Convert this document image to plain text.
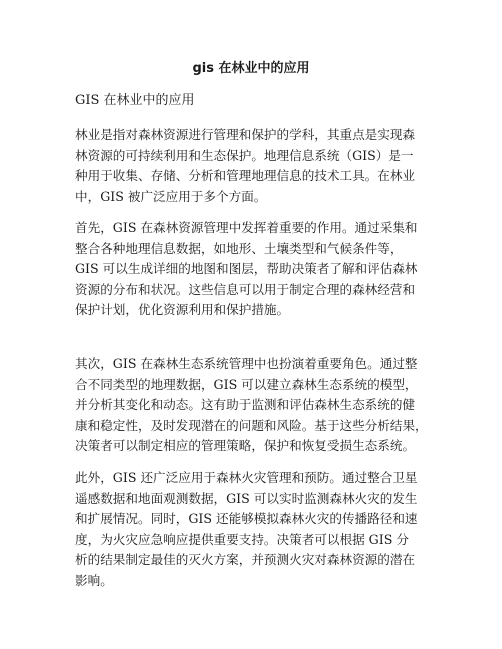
gis 在林业中的应用

GIS 在林业中的应用

林业是指对森林资源进行管理和保护的学科，其重点是实现森
林资源的可持续利用和生态保护。地理信息系统（GIS）是一
种用于收集、存储、分析和管理地理信息的技术工具。在林业
中，GIS 被广泛应用于多个方面。

首先，GIS 在森林资源管理中发挥着重要的作用。通过采集和
整合各种地理信息数据，如地形、土壤类型和气候条件等，
GIS 可以生成详细的地图和图层，帮助决策者了解和评估森林
资源的分布和状况。这些信息可以用于制定合理的森林经营和
保护计划，优化资源利用和保护措施。

其次，GIS 在森林生态系统管理中也扮演着重要角色。通过整
合不同类型的地理数据，GIS 可以建立森林生态系统的模型，
并分析其变化和动态。这有助于监测和评估森林生态系统的健
康和稳定性，及时发现潜在的问题和风险。基于这些分析结果，
决策者可以制定相应的管理策略，保护和恢复受损生态系统。

此外，GIS 还广泛应用于森林火灾管理和预防。通过整合卫星
遥感数据和地面观测数据，GIS 可以实时监测森林火灾的发生
和扩展情况。同时，GIS 还能够模拟森林火灾的传播路径和速
度，为火灾应急响应提供重要支持。决策者可以根据 GIS 分
析的结果制定最佳的灭火方案，并预测火灾对森林资源的潜在
影响。
